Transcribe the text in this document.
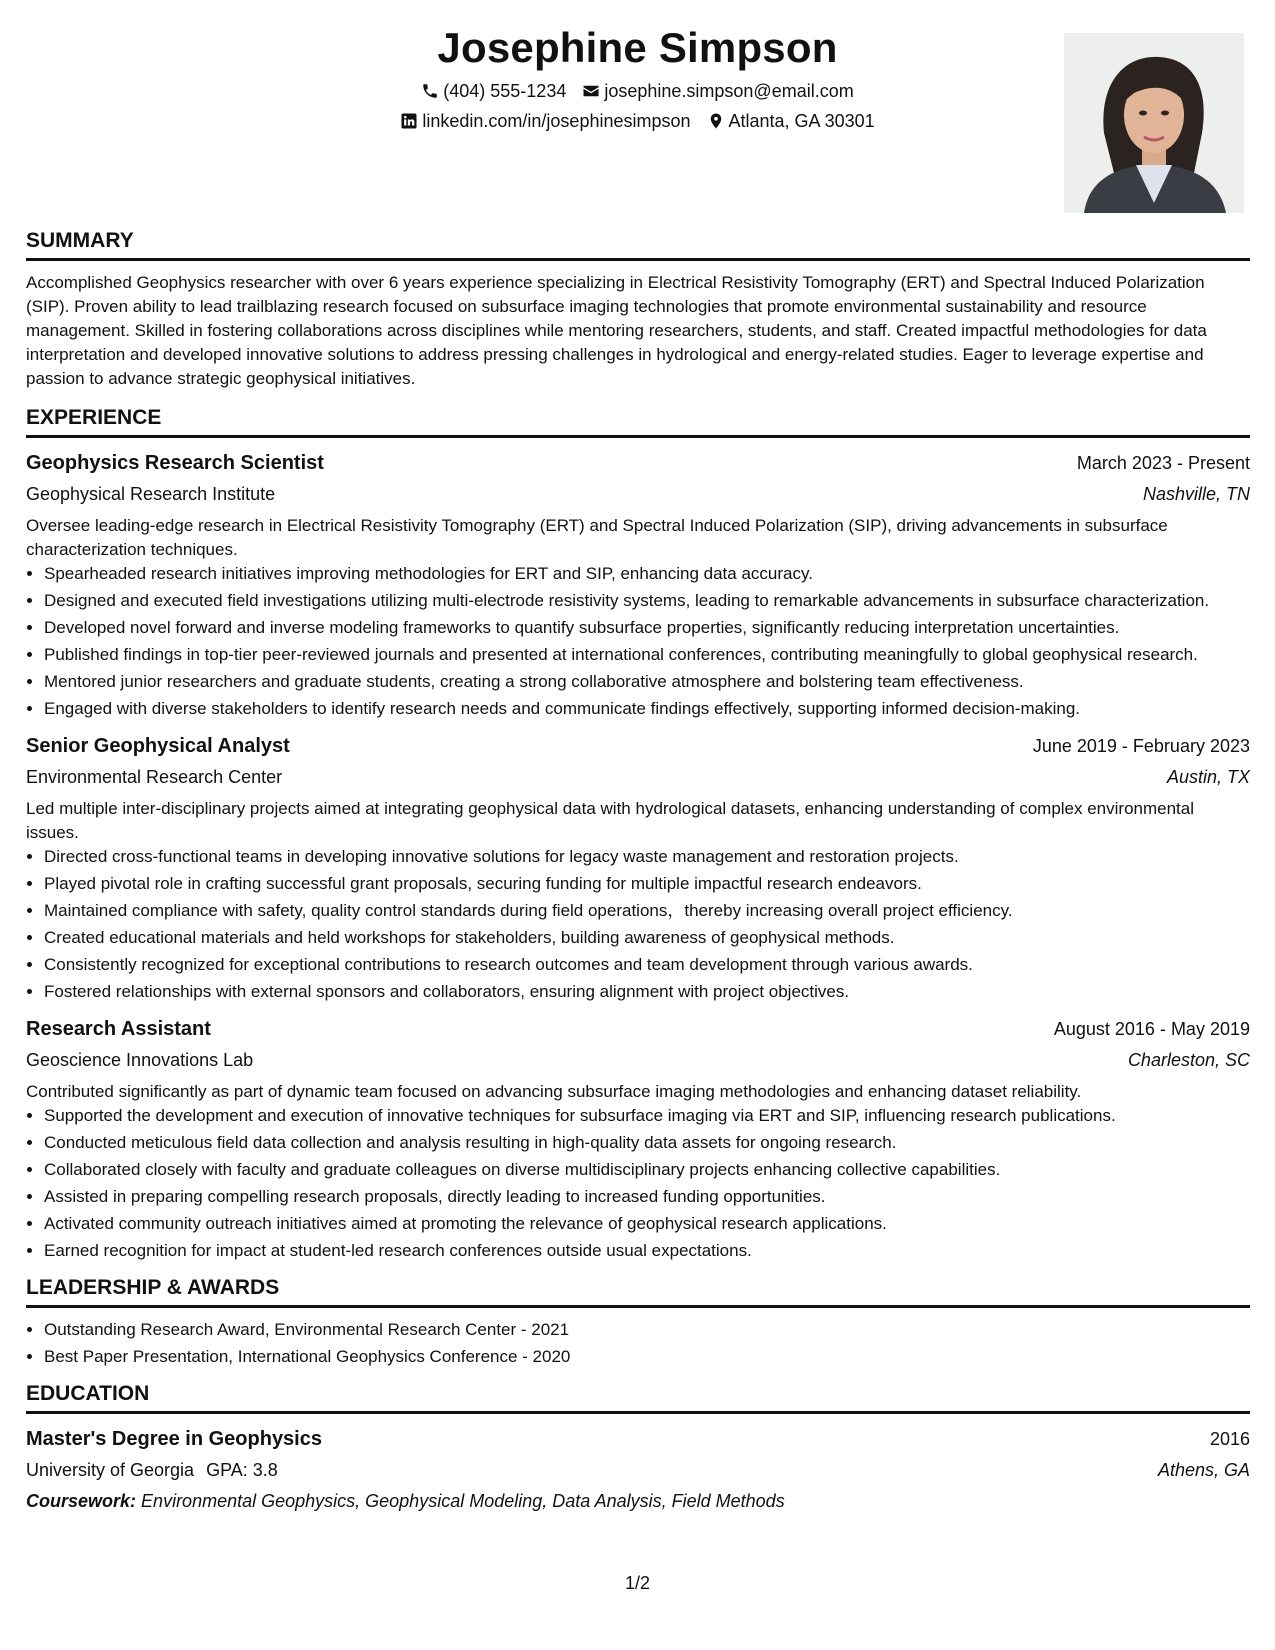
Josephine Simpson
(404) 555-1234 josephine.simpson@email.com
linkedin.com/in/josephinesimpson Atlanta, GA 30301
SUMMARY

Accomplished Geophysics researcher with over 6 years experience specializing in Electrical Resistivity Tomography (ERT) and Spectral Induced Polarization (SIP). Proven ability to lead trailblazing research focused on subsurface imaging technologies that promote environmental sustainability and resource management. Skilled in fostering collaborations across disciplines while mentoring researchers, students, and staff. Created impactful methodologies for data interpretation and developed innovative solutions to address pressing challenges in hydrological and energy-related studies. Eager to leverage expertise and passion to advance strategic geophysical initiatives.

EXPERIENCE
Geophysics Research Scientist	March 2023 - Present
Geophysical Research Institute	Nashville, TN

Oversee leading-edge research in Electrical Resistivity Tomography (ERT) and Spectral Induced Polarization (SIP), driving advancements in subsurface characterization techniques.

• Spearheaded research initiatives improving methodologies for ERT and SIP, enhancing data accuracy.
• Designed and executed field investigations utilizing multi-electrode resistivity systems, leading to remarkable advancements in subsurface characterization.
• Developed novel forward and inverse modeling frameworks to quantify subsurface properties, significantly reducing interpretation uncertainties.
• Published findings in top-tier peer-reviewed journals and presented at international conferences, contributing meaningfully to global geophysical research.
• Mentored junior researchers and graduate students, creating a strong collaborative atmosphere and bolstering team effectiveness.
• Engaged with diverse stakeholders to identify research needs and communicate findings effectively, supporting informed decision-making.
Senior Geophysical Analyst	June 2019 - February 2023
Environmental Research Center	Austin, TX

Led multiple inter-disciplinary projects aimed at integrating geophysical data with hydrological datasets, enhancing understanding of complex environmental issues.

• Directed cross-functional teams in developing innovative solutions for legacy waste management and restoration projects.
• Played pivotal role in crafting successful grant proposals, securing funding for multiple impactful research endeavors.
• Maintained compliance with safety, quality control standards during field operations，thereby increasing overall project efficiency.
• Created educational materials and held workshops for stakeholders, building awareness of geophysical methods.
• Consistently recognized for exceptional contributions to research outcomes and team development through various awards.
• Fostered relationships with external sponsors and collaborators, ensuring alignment with project objectives.
Research Assistant	August 2016 - May 2019
Geoscience Innovations Lab	Charleston, SC

Contributed significantly as part of dynamic team focused on advancing subsurface imaging methodologies and enhancing dataset reliability.

• Supported the development and execution of innovative techniques for subsurface imaging via ERT and SIP, influencing research publications.
• Conducted meticulous field data collection and analysis resulting in high-quality data assets for ongoing research.
• Collaborated closely with faculty and graduate colleagues on diverse multidisciplinary projects enhancing collective capabilities.
• Assisted in preparing compelling research proposals, directly leading to increased funding opportunities.
• Activated community outreach initiatives aimed at promoting the relevance of geophysical research applications.
• Earned recognition for impact at student-led research conferences outside usual expectations.
LEADERSHIP & AWARDS
• Outstanding Research Award, Environmental Research Center - 2021
• Best Paper Presentation, International Geophysics Conference - 2020
EDUCATION
Master's Degree in Geophysics	2016
University of Georgia GPA: 3.8	Athens, GA
Coursework: Environmental Geophysics, Geophysical Modeling, Data Analysis, Field Methods
1/2
